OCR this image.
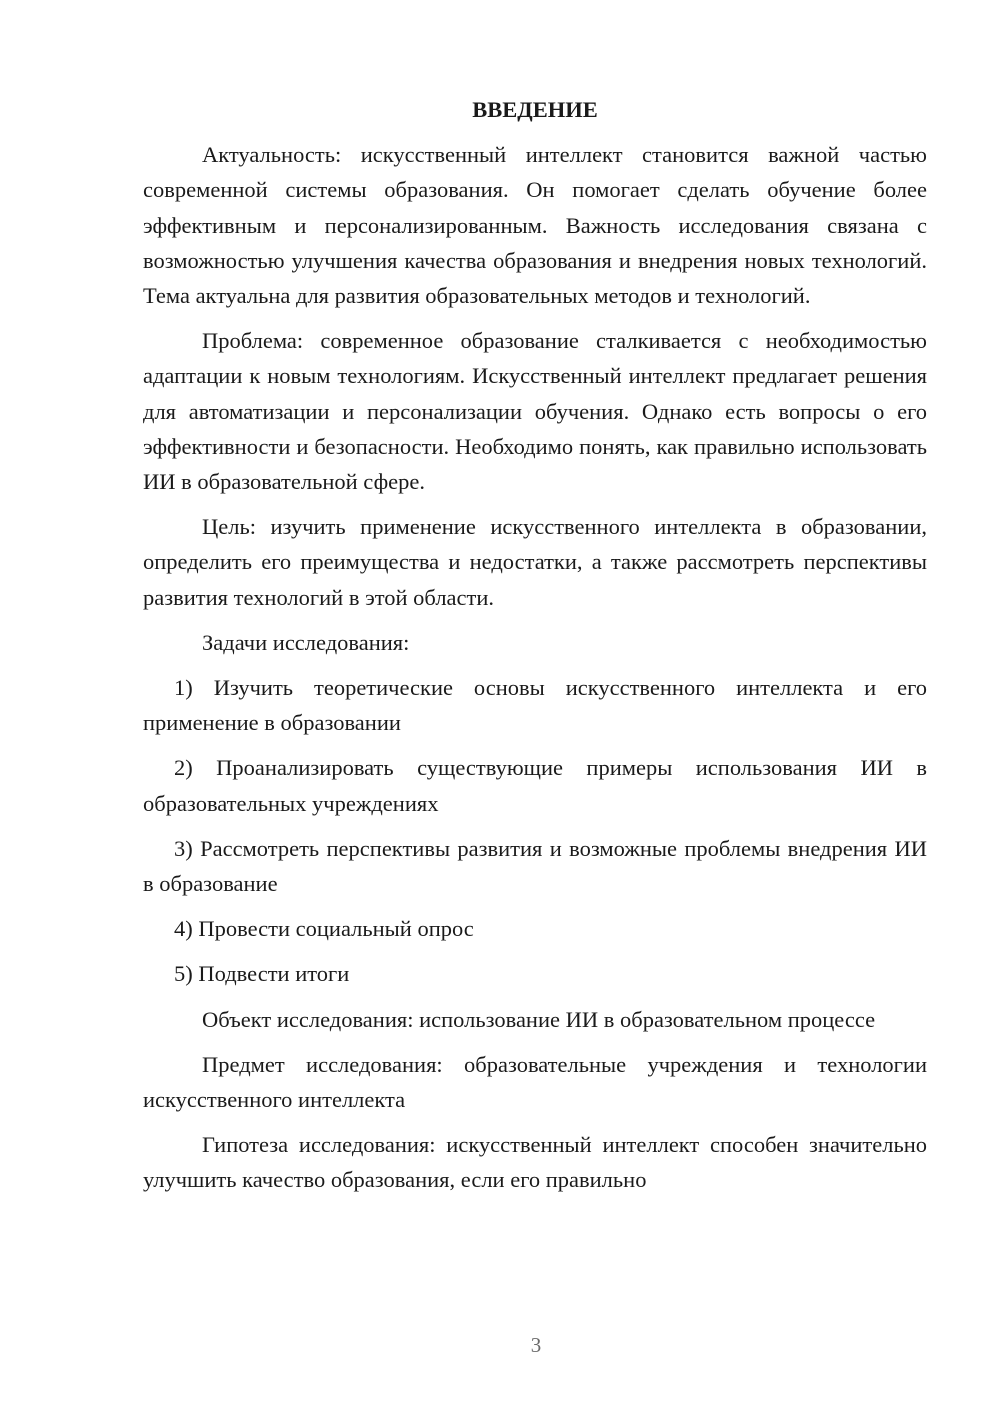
ВВЕДЕНИЕ

Актуальность: искусственный интеллект становится важной частью современной системы образования. Он помогает сделать обучение более эффективным и персонализированным. Важность исследования связана с возможностью улучшения качества образования и внедрения новых технологий. Тема актуальна для развития образовательных методов и технологий.

Проблема: современное образование сталкивается с необходимостью адаптации к новым технологиям. Искусственный интеллект предлагает решения для автоматизации и персонализации обучения. Однако есть вопросы о его эффективности и безопасности. Необходимо понять, как правильно использовать ИИ в образовательной сфере.

Цель: изучить применение искусственного интеллекта в образовании, определить его преимущества и недостатки, а также рассмотреть перспективы развития технологий в этой области.

Задачи исследования:

1) Изучить теоретические основы искусственного интеллекта и его применение в образовании

2) Проанализировать существующие примеры использования ИИ в образовательных учреждениях

3) Рассмотреть перспективы развития и возможные проблемы внедрения ИИ в образование

4) Провести социальный опрос

5) Подвести итоги

Объект исследования: использование ИИ в образовательном процессе

Предмет исследования: образовательные учреждения и технологии искусственного интеллекта

Гипотеза исследования: искусственный интеллект способен значительно улучшить качество образования, если его правильно

3
